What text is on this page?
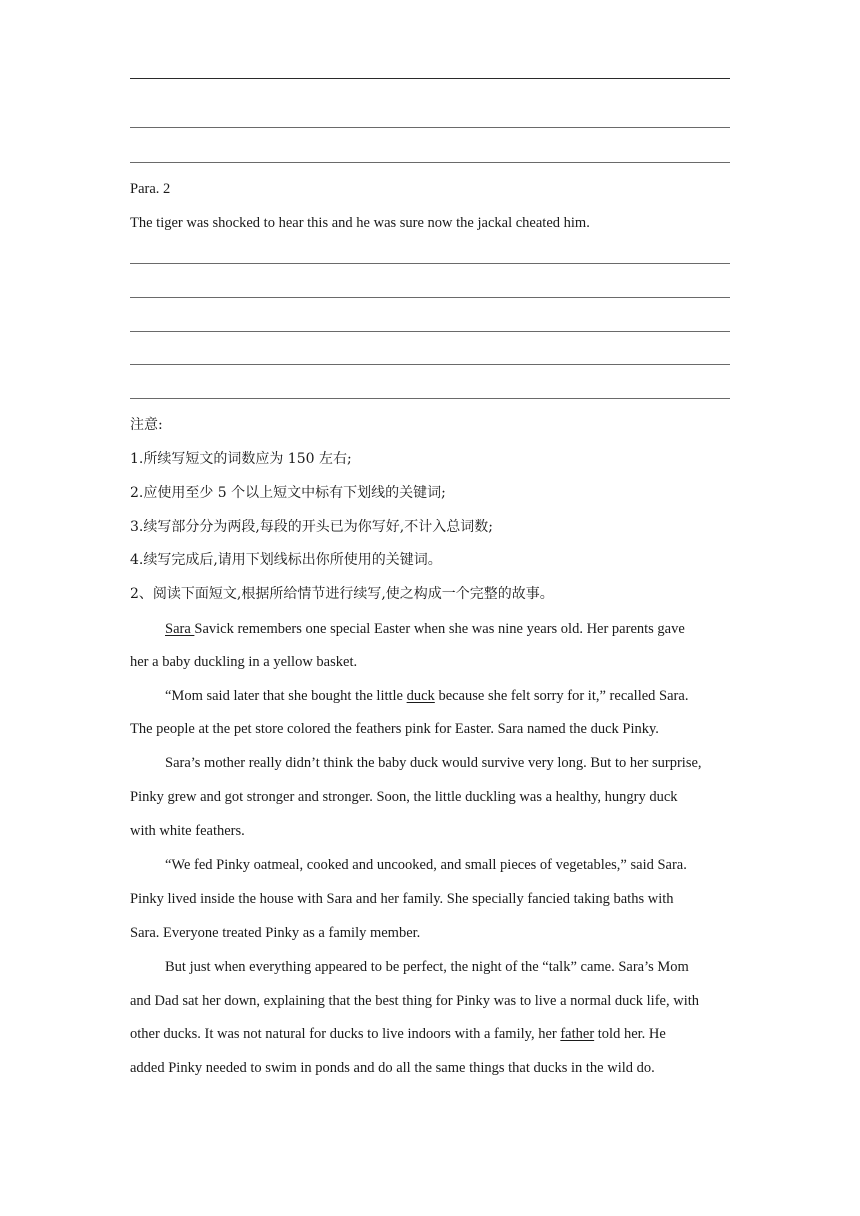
Para. 2
The tiger was shocked to hear this and he was sure now the jackal cheated him.
注意:
1.所续写短文的词数应为 150 左右;
2.应使用至少 5 个以上短文中标有下划线的关键词;
3.续写部分分为两段,每段的开头已为你写好,不计入总词数;
4.续写完成后,请用下划线标出你所使用的关键词。
2、阅读下面短文,根据所给情节进行续写,使之构成一个完整的故事。
Sara Savick remembers one special Easter when she was nine years old. Her parents gave
her a baby duckling in a yellow basket.
“Mom said later that she bought the little duck because she felt sorry for it,” recalled Sara.
The people at the pet store colored the feathers pink for Easter. Sara named the duck Pinky.
Sara’s mother really didn’t think the baby duck would survive very long. But to her surprise,
Pinky grew and got stronger and stronger. Soon, the little duckling was a healthy, hungry duck
with white feathers.
“We fed Pinky oatmeal, cooked and uncooked, and small pieces of vegetables,” said Sara.
Pinky lived inside the house with Sara and her family. She specially fancied taking baths with
Sara. Everyone treated Pinky as a family member.
But just when everything appeared to be perfect, the night of the “talk” came. Sara’s Mom
and Dad sat her down, explaining that the best thing for Pinky was to live a normal duck life, with
other ducks. It was not natural for ducks to live indoors with a family, her father told her. He
added Pinky needed to swim in ponds and do all the same things that ducks in the wild do.
